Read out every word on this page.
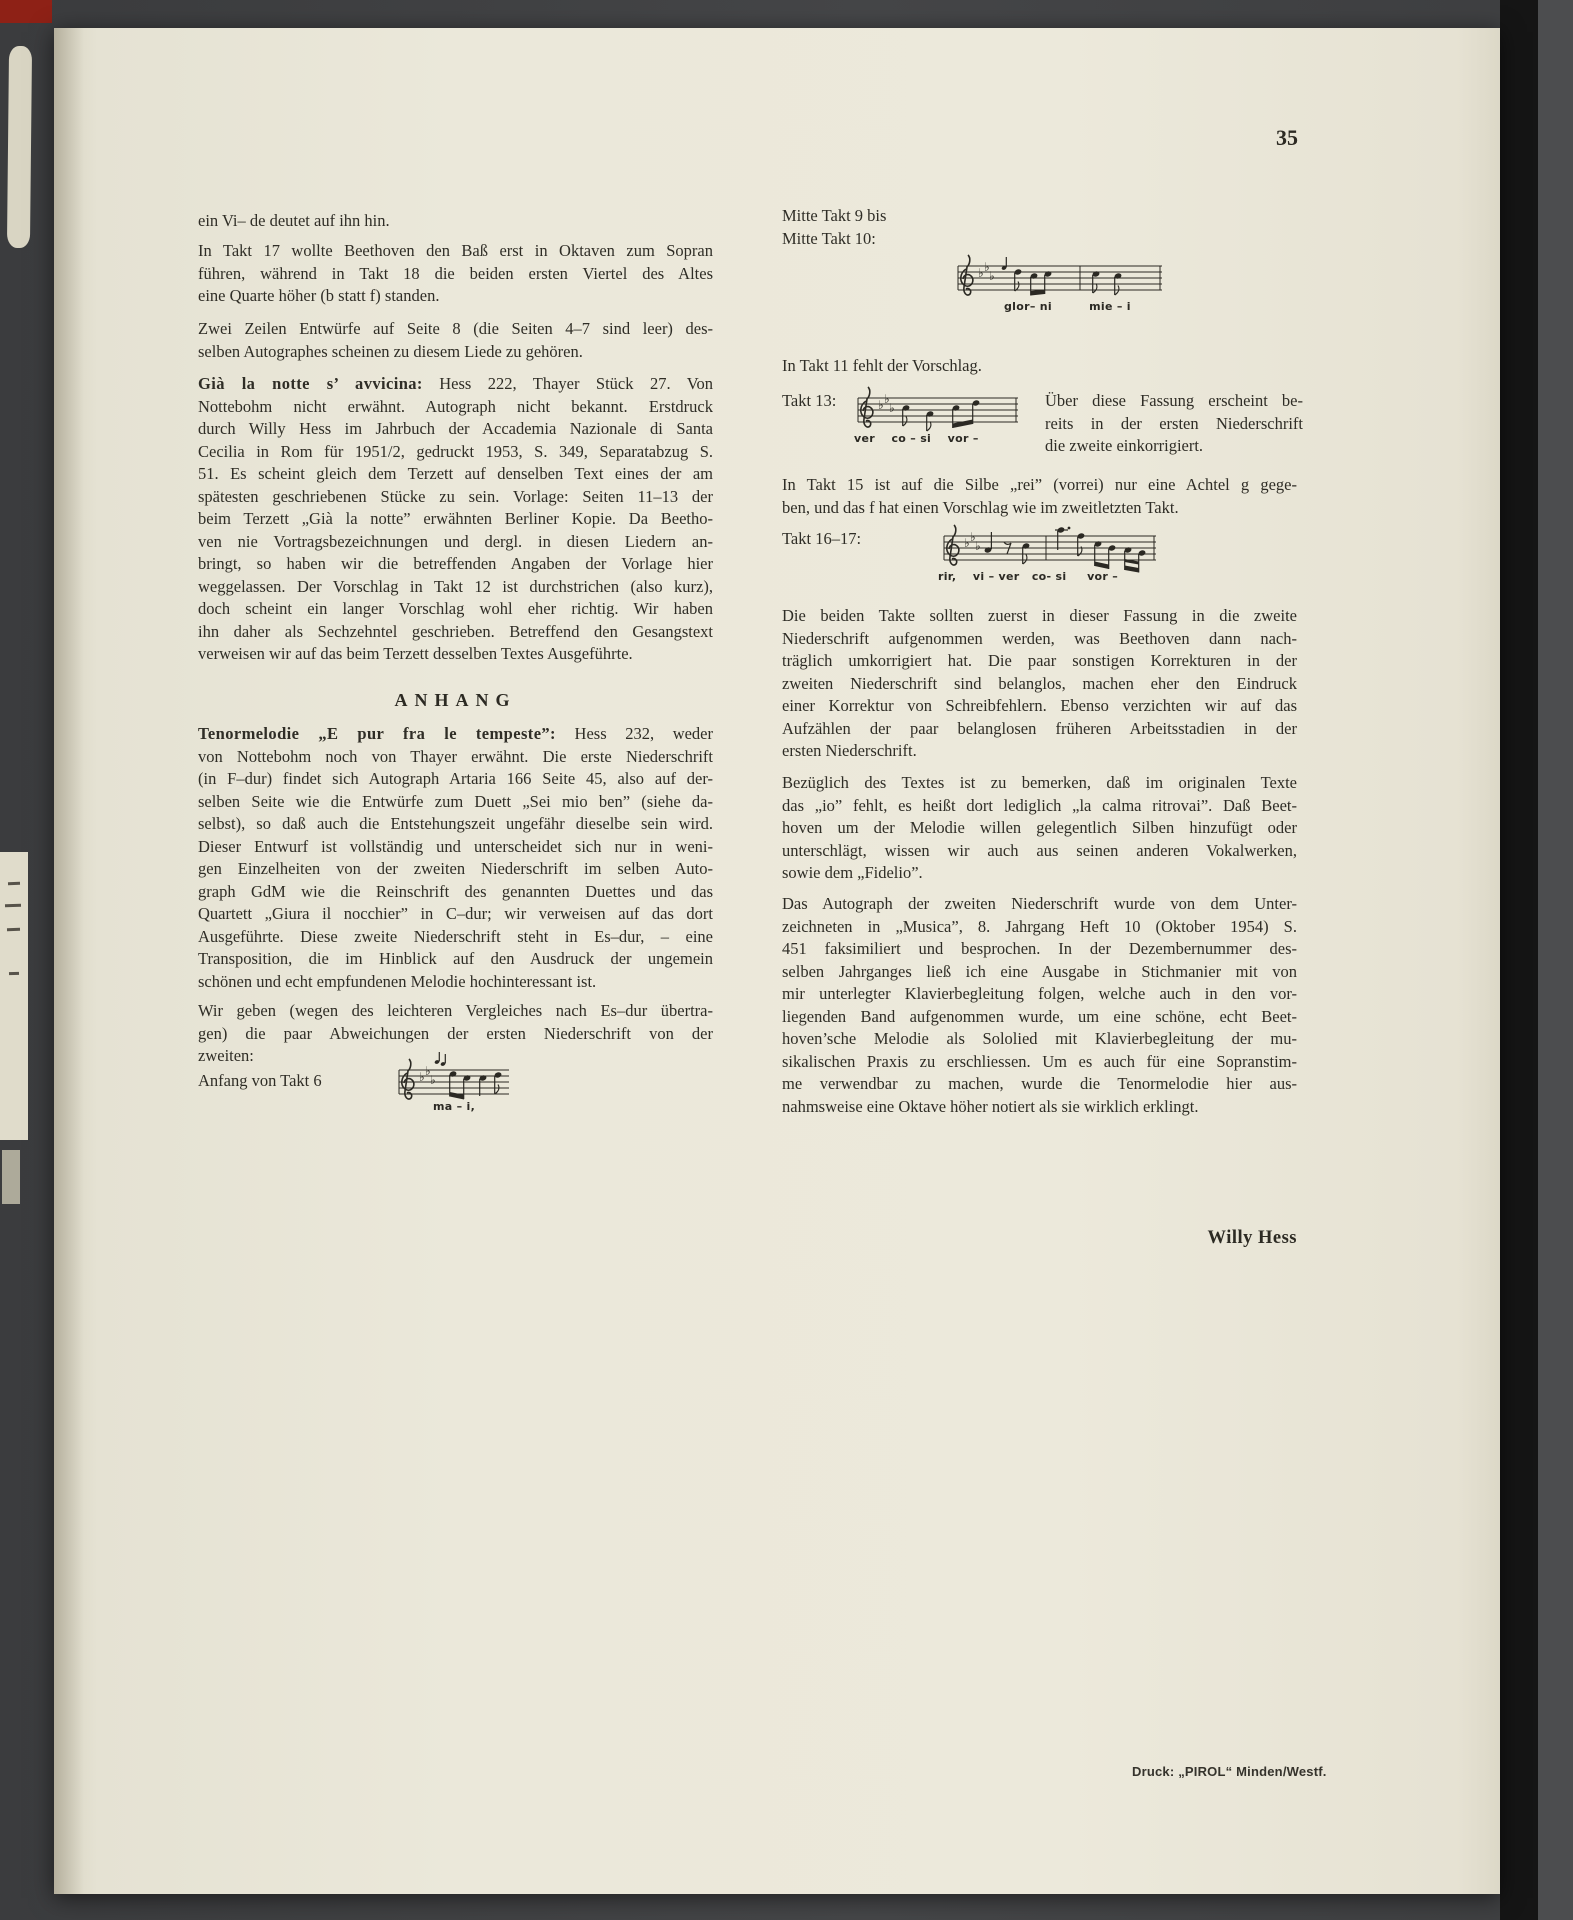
35
ein Vi– de deutet auf ihn hin.
In Takt 17 wollte Beethoven den Baß erst in Oktaven zum Sopran
führen, während in Takt 18 die beiden ersten Viertel des Altes
eine Quarte höher (b statt f) standen.
Zwei Zeilen Entwürfe auf Seite 8 (die Seiten 4–7 sind leer) des-
selben Autographes scheinen zu diesem Liede zu gehören.
Già la notte s’ avvicina: Hess 222, Thayer Stück 27. Von
Nottebohm nicht erwähnt. Autograph nicht bekannt. Erstdruck
durch Willy Hess im Jahrbuch der Accademia Nazionale di Santa
Cecilia in Rom für 1951/2, gedruckt 1953, S. 349, Separatabzug S.
51. Es scheint gleich dem Terzett auf denselben Text eines der am
spätesten geschriebenen Stücke zu sein. Vorlage: Seiten 11–13 der
beim Terzett „Già la notte” erwähnten Berliner Kopie. Da Beetho-
ven nie Vortragsbezeichnungen und dergl. in diesen Liedern an-
bringt, so haben wir die betreffenden Angaben der Vorlage hier
weggelassen. Der Vorschlag in Takt 12 ist durchstrichen (also kurz),
doch scheint ein langer Vorschlag wohl eher richtig. Wir haben
ihn daher als Sechzehntel geschrieben. Betreffend den Gesangstext
verweisen wir auf das beim Terzett desselben Textes Ausgeführte.
ANHANG
Tenormelodie „E pur fra le tempeste”: Hess 232, weder
von Nottebohm noch von Thayer erwähnt. Die erste Niederschrift
(in F–dur) findet sich Autograph Artaria 166 Seite 45, also auf der-
selben Seite wie die Entwürfe zum Duett „Sei mio ben” (siehe da-
selbst), so daß auch die Entstehungszeit ungefähr dieselbe sein wird.
Dieser Entwurf ist vollständig und unterscheidet sich nur in weni-
gen Einzelheiten von der zweiten Niederschrift im selben Auto-
graph GdM wie die Reinschrift des genannten Duettes und das
Quartett „Giura il nocchier” in C–dur; wir verweisen auf das dort
Ausgeführte. Diese zweite Niederschrift steht in Es–dur, – eine
Transposition, die im Hinblick auf den Ausdruck der ungemein
schönen und echt empfundenen Melodie hochinteressant ist.
Wir geben (wegen des leichteren Vergleiches nach Es–dur übertra-
gen) die paar Abweichungen der ersten Niederschrift von der
zweiten:
Anfang von Takt 6
ma – i,
Mitte Takt 9 bis
Mitte Takt 10:
glor– ni         mie – i
In Takt 11 fehlt der Vorschlag.
Takt 13:
ver    co – si    vor –
Über diese Fassung erscheint be-
reits in der ersten Niederschrift
die zweite einkorrigiert.
In Takt 15 ist auf die Silbe „rei” (vorrei) nur eine Achtel g gege-
ben, und das f hat einen Vorschlag wie im zweitletzten Takt.
Takt 16–17:
rir,    vi – ver   co- si     vor –
Die beiden Takte sollten zuerst in dieser Fassung in die zweite
Niederschrift aufgenommen werden, was Beethoven dann nach-
träglich umkorrigiert hat. Die paar sonstigen Korrekturen in der
zweiten Niederschrift sind belanglos, machen eher den Eindruck
einer Korrektur von Schreibfehlern. Ebenso verzichten wir auf das
Aufzählen der paar belanglosen früheren Arbeitsstadien in der
ersten Niederschrift.
Bezüglich des Textes ist zu bemerken, daß im originalen Texte
das „io” fehlt, es heißt dort lediglich „la calma ritrovai”. Daß Beet-
hoven um der Melodie willen gelegentlich Silben hinzufügt oder
unterschlägt, wissen wir auch aus seinen anderen Vokalwerken,
sowie dem „Fidelio”.
Das Autograph der zweiten Niederschrift wurde von dem Unter-
zeichneten in „Musica”, 8. Jahrgang Heft 10 (Oktober 1954) S.
451 faksimiliert und besprochen. In der Dezembernummer des-
selben Jahrganges ließ ich eine Ausgabe in Stichmanier mit von
mir unterlegter Klavierbegleitung folgen, welche auch in den vor-
liegenden Band aufgenommen wurde, um eine schöne, echt Beet-
hoven’sche Melodie als Sololied mit Klavierbegleitung der mu-
sikalischen Praxis zu erschliessen. Um es auch für eine Sopranstim-
me verwendbar zu machen, wurde die Tenormelodie hier aus-
nahmsweise eine Oktave höher notiert als sie wirklich erklingt.
Willy Hess
Druck: „PIROL“ Minden/Westf.
